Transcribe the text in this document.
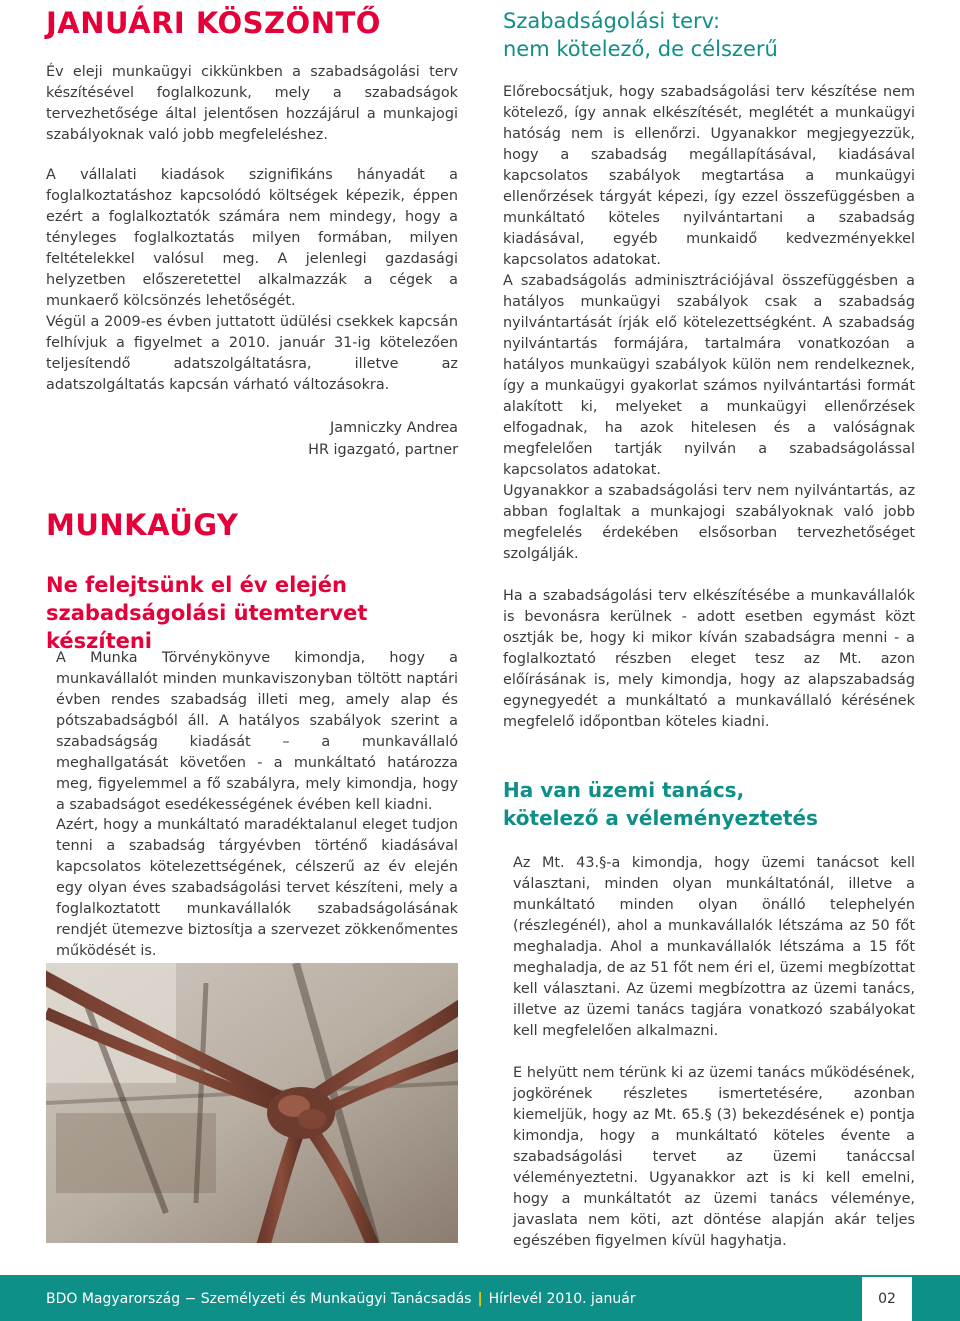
JANUÁRI KÖSZÖNTŐ

Év eleji munkaügyi cikkünkben a szabadságolási terv készítésével foglalkozunk, mely a szabadságok tervezhetősége által jelentősen hozzájárul a munkajogi szabályoknak való jobb megfeleléshez.

A vállalati kiadások szignifikáns hányadát a foglalkoztatáshoz kapcsolódó költségek képezik, éppen ezért a foglalkoztatók számára nem mindegy, hogy a tényleges foglalkoztatás milyen formában, milyen feltételekkel valósul meg. A jelenlegi gazdasági helyzetben előszeretettel alkalmazzák a cégek a munkaerő kölcsönzés lehetőségét.

Végül a 2009-es évben juttatott üdülési csekkek kapcsán felhívjuk a figyelmet a 2010. január 31-ig kötelezően teljesítendő adatszolgáltatásra, illetve az adatszolgáltatás kapcsán várható változásokra.

Jamniczky Andrea
HR igazgató, partner
MUNKAÜGY
Ne felejtsünk el év elején szabadságolási ütemtervet készíteni

A Munka Törvénykönyve kimondja, hogy a munkavállalót minden munkaviszonyban töltött naptári évben rendes szabadság illeti meg, amely alap és pótszabadságból áll. A hatályos szabályok szerint a szabadságság kiadását – a munkavállaló meghallgatását követően - a munkáltató határozza meg, figyelemmel a fő szabályra, mely kimondja, hogy a szabadságot esedékességének évében kell kiadni.

Azért, hogy a munkáltató maradéktalanul eleget tudjon tenni a szabadság tárgyévben történő kiadásával kapcsolatos kötelezettségének, célszerű az év elején egy olyan éves szabadságolási tervet készíteni, mely a foglalkoztatott munkavállalók szabadságolásának rendjét ütemezve biztosítja a szervezet zökkenőmentes működését is.

Szabadságolási terv:
nem kötelező, de célszerű

Előrebocsátjuk, hogy szabadságolási terv készítése nem kötelező, így annak elkészítését, meglétét a munkaügyi hatóság nem is ellenőrzi. Ugyanakkor megjegyezzük, hogy a szabadság megállapításával, kiadásával kapcsolatos szabályok megtartása a munkaügyi ellenőrzések tárgyát képezi, így ezzel összefüggésben a munkáltató köteles nyilvántartani a szabadság kiadásával, egyéb munkaidő kedvezményekkel kapcsolatos adatokat.

A szabadságolás adminisztrációjával összefüggésben a hatályos munkaügyi szabályok csak a szabadság nyilvántartását írják elő kötelezettségként. A szabadság nyilvántartás formájára, tartalmára vonatkozóan a hatályos munkaügyi szabályok külön nem rendelkeznek, így a munkaügyi gyakorlat számos nyilvántartási formát alakított ki, melyeket a munkaügyi ellenőrzések elfogadnak, ha azok hitelesen és a valóságnak megfelelően tartják nyilván a szabadságolással kapcsolatos adatokat.

Ugyanakkor a szabadságolási terv nem nyilvántartás, az abban foglaltak a munkajogi szabályoknak való jobb megfelelés érdekében elsősorban tervezhetőséget szolgálják.

Ha a szabadságolási terv elkészítésébe a munkavállalók is bevonásra kerülnek - adott esetben egymást közt osztják be, hogy ki mikor kíván szabadságra menni - a foglalkoztató részben eleget tesz az Mt. azon előírásának is, mely kimondja, hogy az alapszabadság egynegyedét a munkáltató a munkavállaló kérésének megfelelő időpontban köteles kiadni.

Ha van üzemi tanács,
kötelező a véleményeztetés

Az Mt. 43.§-a kimondja, hogy üzemi tanácsot kell választani, minden olyan munkáltatónál, illetve a munkáltató minden olyan önálló telephelyén (részlegénél), ahol a munkavállalók létszáma az 50 főt meghaladja. Ahol a munkavállalók létszáma a 15 főt meghaladja, de az 51 főt nem éri el, üzemi megbízottat kell választani. Az üzemi megbízottra az üzemi tanács, illetve az üzemi tanács tagjára vonatkozó szabályokat kell megfelelően alkalmazni.

E helyütt nem térünk ki az üzemi tanács működésének, jogkörének részletes ismertetésére, azonban kiemeljük, hogy az Mt. 65.§ (3) bekezdésének e) pontja kimondja, hogy a munkáltató köteles évente a szabadságolási tervet az üzemi tanáccsal véleményeztetni. Ugyanakkor azt is ki kell emelni, hogy a munkáltatót az üzemi tanács véleménye, javaslata nem köti, azt döntése alapján akár teljes egészében figyelmen kívül hagyhatja.

BDO Magyarország − Személyzeti és Munkaügyi Tanácsadás | Hírlevél 2010. január	02
